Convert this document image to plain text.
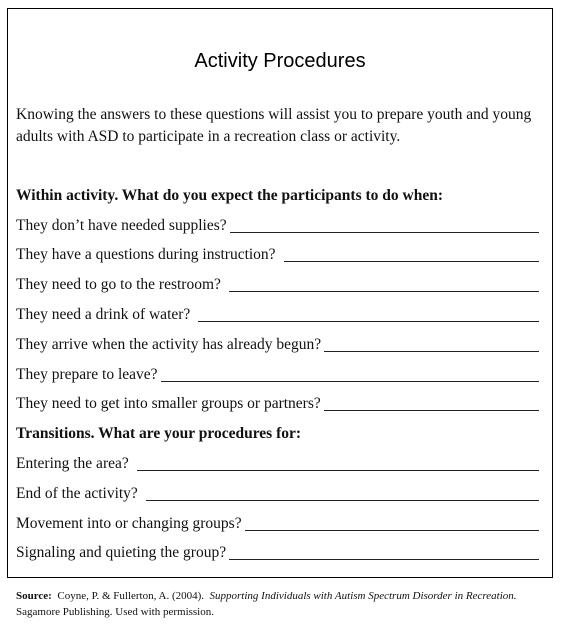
Activity Procedures
Knowing the answers to these questions will assist you to prepare youth and young adults with ASD to participate in a recreation class or activity.
Within activity. What do you expect the participants to do when:
They don’t have needed supplies?
They have a questions during instruction?
They need to go to the restroom?
They need a drink of water?
They arrive when the activity has already begun?
They prepare to leave?
They need to get into smaller groups or partners?
Transitions. What are your procedures for:
Entering the area?
End of the activity?
Movement into or changing groups?
Signaling and quieting the group?
Source: Coyne, P. & Fullerton, A. (2004). Supporting Individuals with Autism Spectrum Disorder in Recreation.  Sagamore Publishing. Used with permission.
